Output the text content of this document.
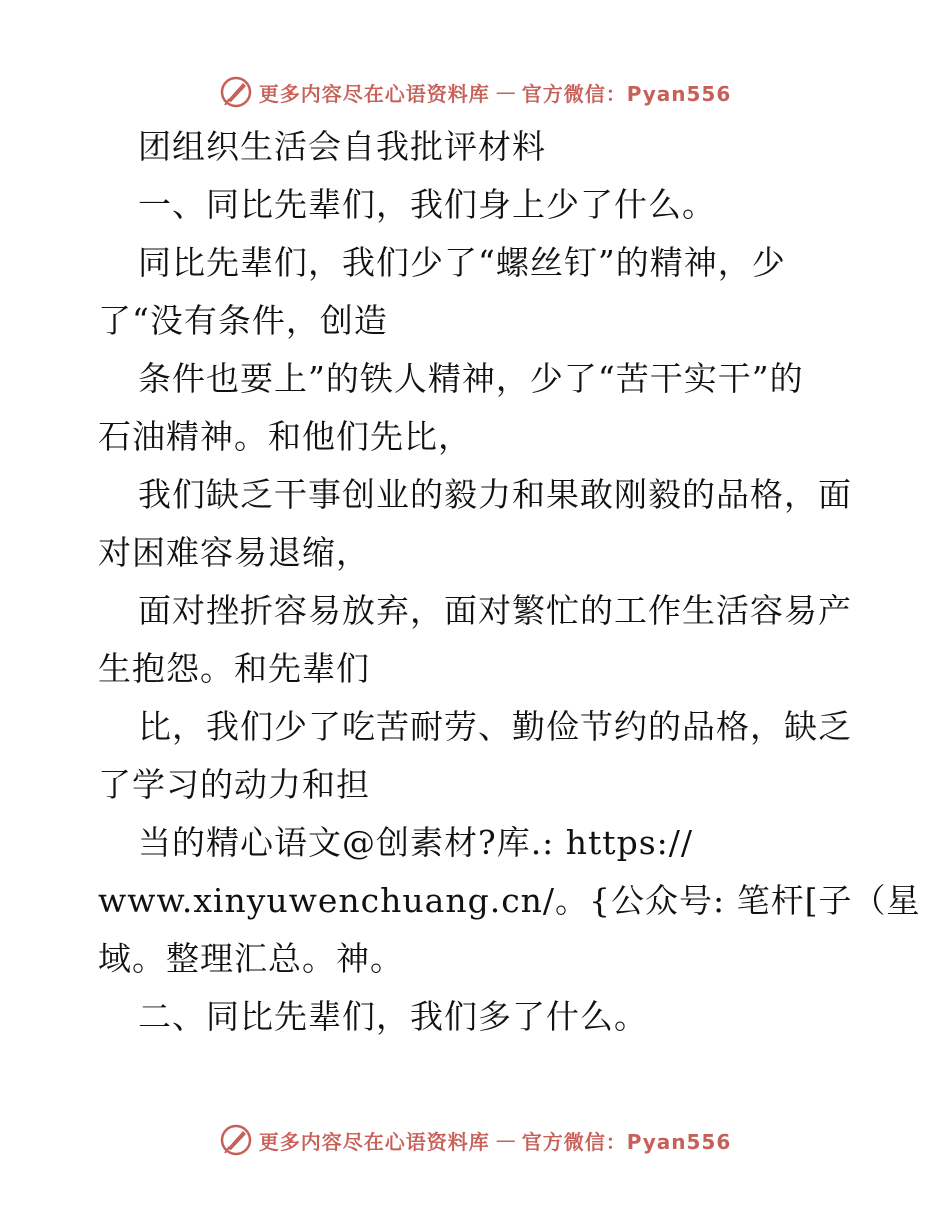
更多内容尽在心语资料库 — 官方微信：Pyan556
团组织生活会自我批评材料
一、同比先辈们，我们身上少了什么。
同比先辈们，我们少了“螺丝钉”的精神，少
了“没有条件，创造
条件也要上”的铁人精神，少了“苦干实干”的
石油精神。和他们先比，
我们缺乏干事创业的毅力和果敢刚毅的品格，面
对困难容易退缩，
面对挫折容易放弃，面对繁忙的工作生活容易产
生抱怨。和先辈们
比，我们少了吃苦耐劳、勤俭节约的品格，缺乏
了学习的动力和担
当的精心语文@创素材?库.: https://
www.xinyuwenchuang.cn/。{公众号: 笔杆[子（星
域。整理汇总。神。
二、同比先辈们，我们多了什么。
更多内容尽在心语资料库 — 官方微信：Pyan556
